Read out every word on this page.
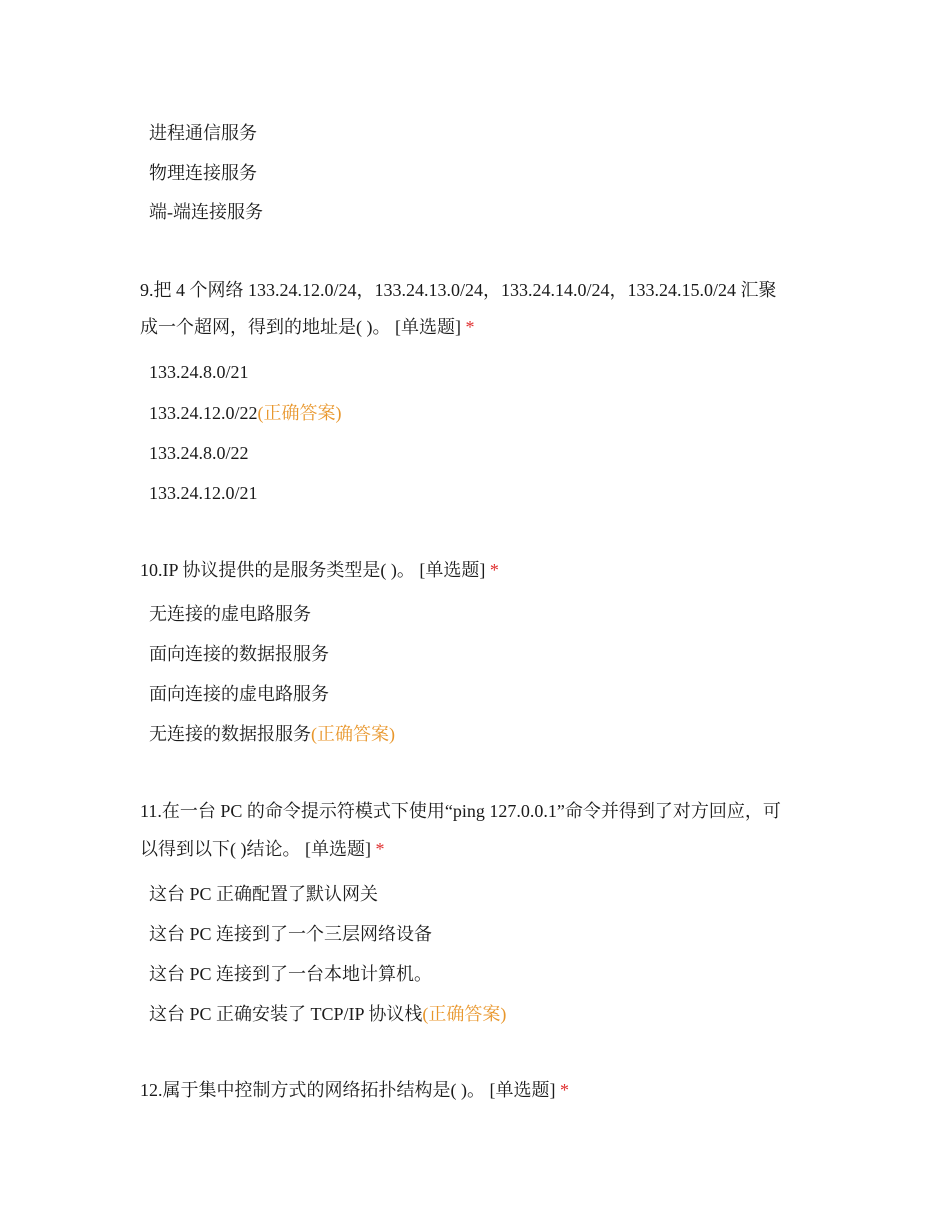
进程通信服务
物理连接服务
端-端连接服务
9.把 4 个网络 133.24.12.0/24，133.24.13.0/24，133.24.14.0/24，133.24.15.0/24 汇聚
成一个超网，得到的地址是( )。 [单选题] *
133.24.8.0/21
133.24.12.0/22(正确答案)
133.24.8.0/22
133.24.12.0/21
10.IP 协议提供的是服务类型是( )。 [单选题] *
无连接的虚电路服务
面向连接的数据报服务
面向连接的虚电路服务
无连接的数据报服务(正确答案)
11.在一台 PC 的命令提示符模式下使用“ping 127.0.0.1”命令并得到了对方回应，可
以得到以下( )结论。 [单选题] *
这台 PC 正确配置了默认网关
这台 PC 连接到了一个三层网络设备
这台 PC 连接到了一台本地计算机。
这台 PC 正确安装了 TCP/IP 协议栈(正确答案)
12.属于集中控制方式的网络拓扑结构是( )。 [单选题] *
